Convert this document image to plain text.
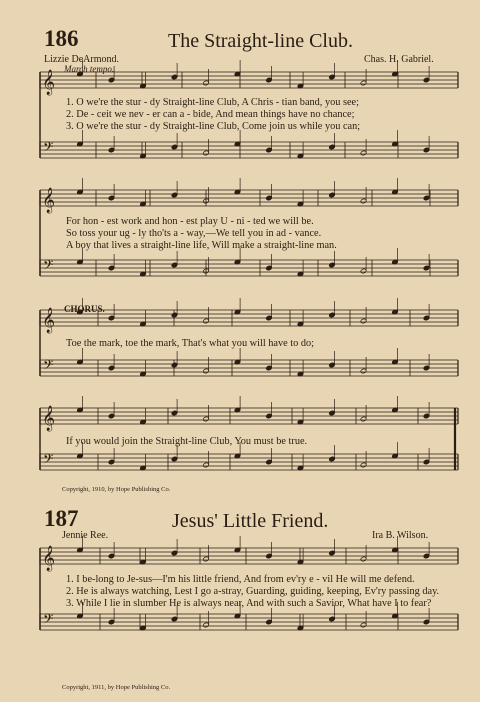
𝄞
𝄞
𝄞
𝄞
𝄞
𝄢
𝄢
𝄢
𝄢
𝄢
186	The Straight-line Club.
Lizzie DeArmond.	Chas. H. Gabriel.
March tempo.
1. O we're the stur - dy Straight-line Club, A Chris - tian band, you see;
2. De - ceit we nev - er can a - bide, And mean things have no chance;
3. O we're the stur - dy Straight-line Club, Come join us while you can;
For hon - est work and hon - est play U - ni - ted we will be.
So toss your ug - ly tho'ts a - way,—We tell you in ad - vance.
A boy that lives a straight-line life, Will make a straight-line man.
CHORUS.
Toe the mark, toe the mark, That's what you will have to do;
If you would join the Straight-line Club, You must be true.
Copyright, 1910, by Hope Publishing Co.
187	Jesus' Little Friend.
Jennie Ree.	Ira B. Wilson.
1. I be-long to Je-sus—I'm his little friend, And from ev'ry e - vil He will me defend.
2. He is always watching, Lest I go a-stray, Guarding, guiding, keeping, Ev'ry passing day.
3. While I lie in slumber He is always near, And with such a Savior, What have I to fear?
Copyright, 1911, by Hope Publishing Co.
